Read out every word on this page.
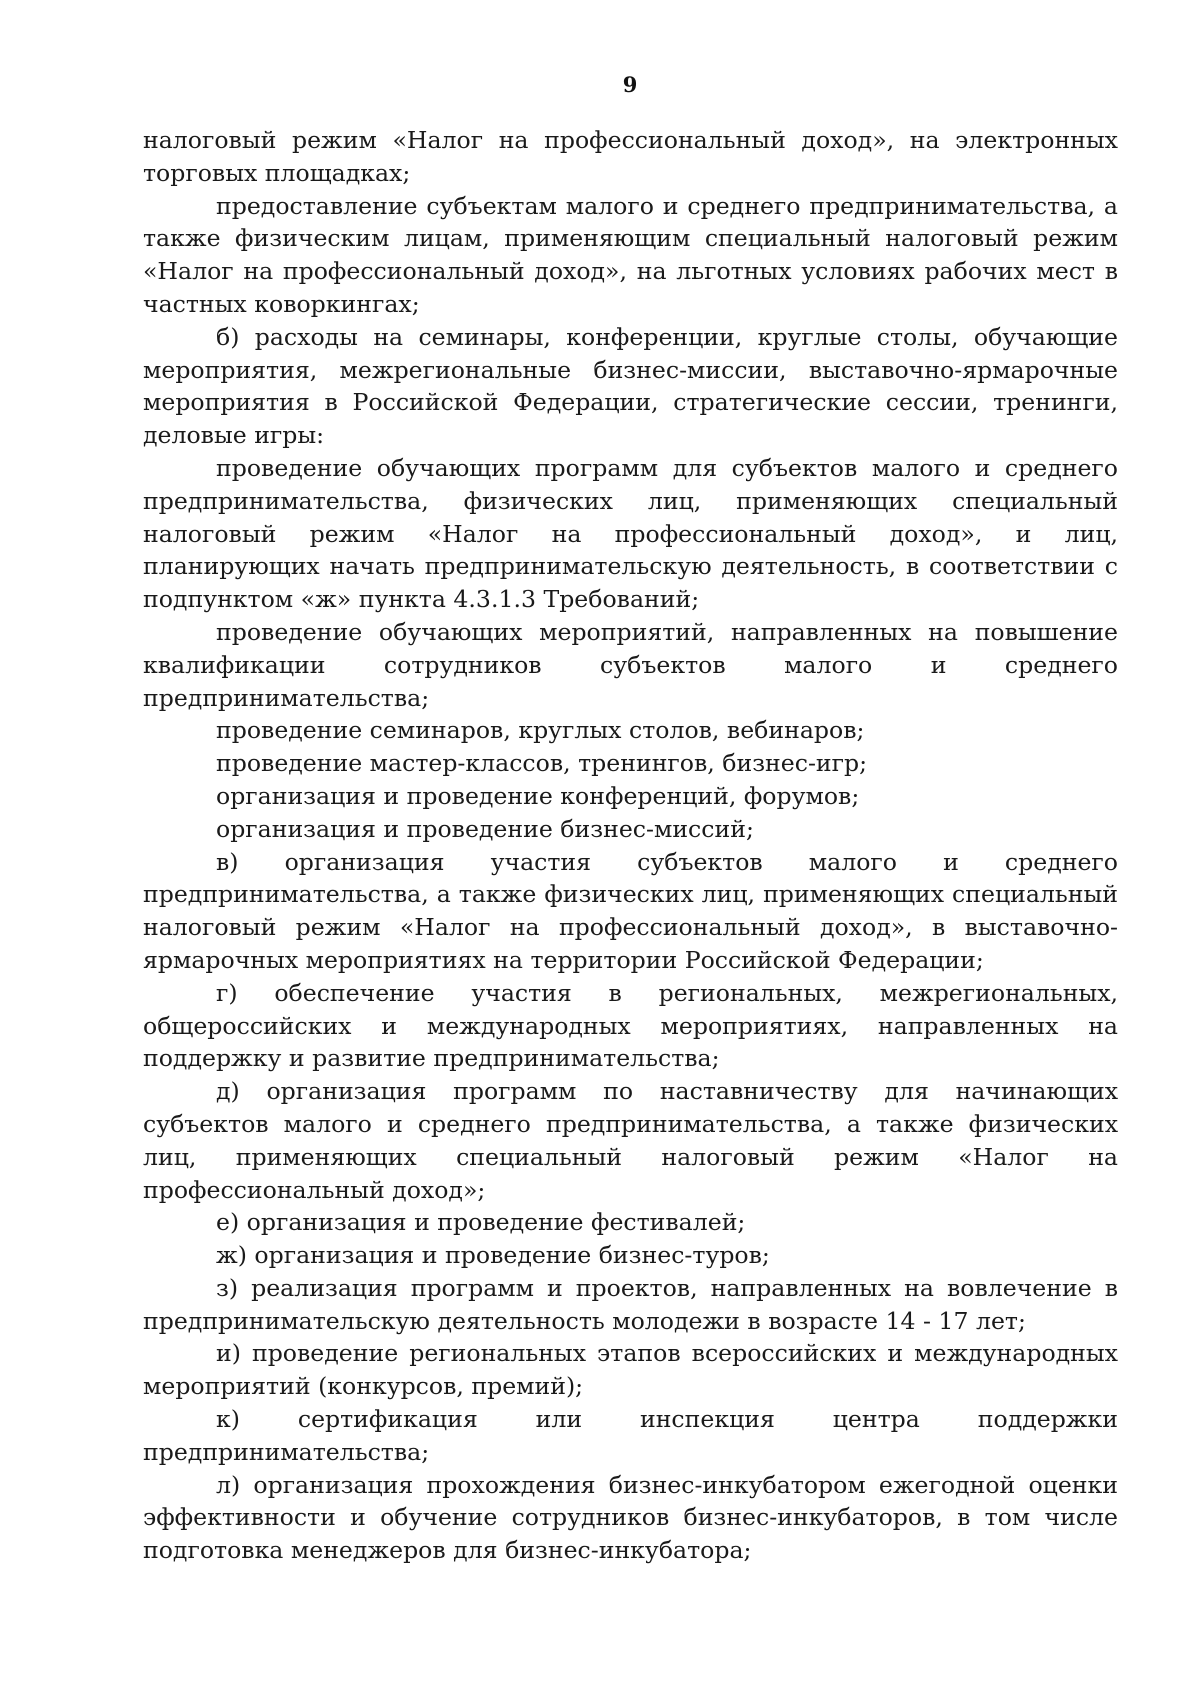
9

налоговый режим «Налог на профессиональный доход», на электронных торговых площадках;

предоставление субъектам малого и среднего предпринимательства, а также физическим лицам, применяющим специальный налоговый режим «Налог на профессиональный доход», на льготных условиях рабочих мест в частных коворкингах;

б) расходы на семинары, конференции, круглые столы, обучающие мероприятия, межрегиональные бизнес-миссии, выставочно-ярмарочные мероприятия в Российской Федерации, стратегические сессии, тренинги, деловые игры:

проведение обучающих программ для субъектов малого и среднего предпринимательства, физических лиц, применяющих специальный налоговый режим «Налог на профессиональный доход», и лиц, планирующих начать предпринимательскую деятельность, в соответствии с подпунктом «ж» пункта 4.3.1.3 Требований;

проведение обучающих мероприятий, направленных на повышение квалификации сотрудников субъектов малого и среднего предпринимательства;

проведение семинаров, круглых столов, вебинаров;

проведение мастер-классов, тренингов, бизнес-игр;

организация и проведение конференций, форумов;

организация и проведение бизнес-миссий;

в) организация участия субъектов малого и среднего предпринимательства, а также физических лиц, применяющих специальный налоговый режим «Налог на профессиональный доход», в выставочно-ярмарочных мероприятиях на территории Российской Федерации;

г) обеспечение участия в региональных, межрегиональных, общероссийских и международных мероприятиях, направленных на поддержку и развитие предпринимательства;

д) организация программ по наставничеству для начинающих субъектов малого и среднего предпринимательства, а также физических лиц, применяющих специальный налоговый режим «Налог на профессиональный доход»;

е) организация и проведение фестивалей;

ж) организация и проведение бизнес-туров;

з) реализация программ и проектов, направленных на вовлечение в предпринимательскую деятельность молодежи в возрасте 14 - 17 лет;

и) проведение региональных этапов всероссийских и международных мероприятий (конкурсов, премий);

к) сертификация или инспекция центра поддержки предпринимательства;

л) организация прохождения бизнес-инкубатором ежегодной оценки эффективности и обучение сотрудников бизнес-инкубаторов, в том числе подготовка менеджеров для бизнес-инкубатора;
